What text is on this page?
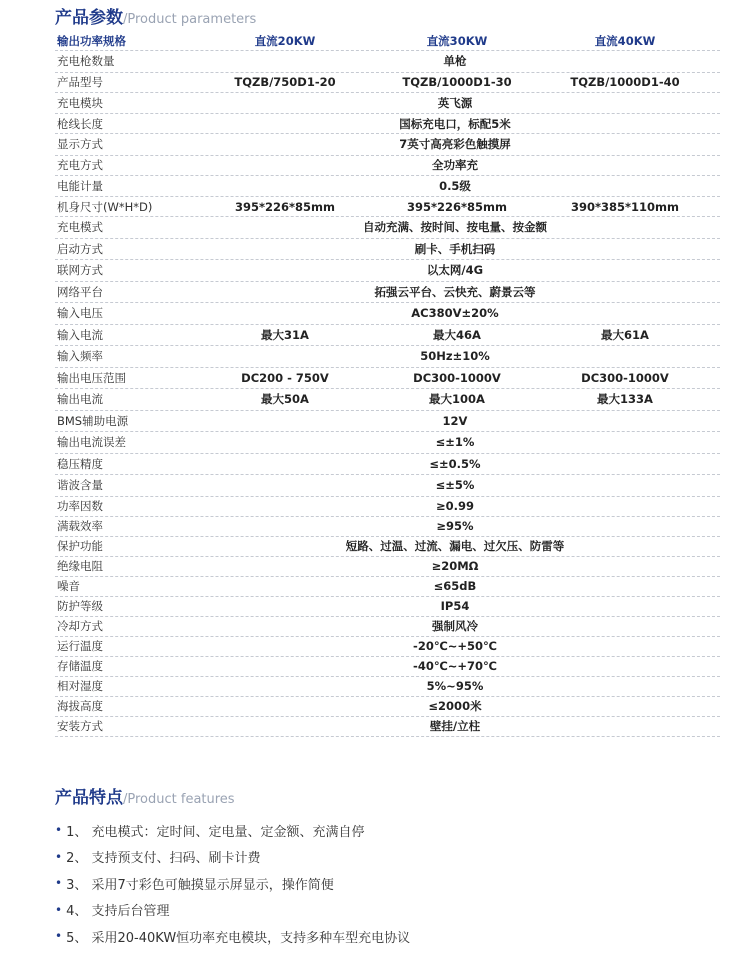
产品参数/Product parameters
输出功率规格	直流20KW	直流30KW	直流40KW
充电枪数量	单枪
产品型号	TQZB/750D1-20	TQZB/1000D1-30	TQZB/1000D1-40
充电模块	英飞源
枪线长度	国标充电口，标配5米
显示方式	7英寸高亮彩色触摸屏
充电方式	全功率充
电能计量	0.5级
机身尺寸(W*H*D)	395*226*85mm	395*226*85mm	390*385*110mm
充电模式	自动充满、按时间、按电量、按金额
启动方式	刷卡、手机扫码
联网方式	以太网/4G
网络平台	拓强云平台、云快充、蔚景云等
输入电压	AC380V±20%
输入电流	最大31A	最大46A	最大61A
输入频率	50Hz±10%
输出电压范围	DC200 - 750V	DC300-1000V	DC300-1000V
输出电流	最大50A	最大100A	最大133A
BMS辅助电源	12V
输出电流误差	≤±1%
稳压精度	≤±0.5%
谐波含量	≤±5%
功率因数	≥0.99
满载效率	≥95%
保护功能	短路、过温、过流、漏电、过欠压、防雷等
绝缘电阻	≥20MΩ
噪音	≤65dB
防护等级	IP54
冷却方式	强制风冷
运行温度	-20℃~+50℃
存储温度	-40℃~+70℃
相对湿度	5%~95%
海拔高度	≤2000米
安装方式	壁挂/立柱
产品特点/Product features
• 1、 充电模式：定时间、定电量、定金额、充满自停
• 2、 支持预支付、扫码、刷卡计费
• 3、 采用7寸彩色可触摸显示屏显示，操作简便
• 4、 支持后台管理
• 5、 采用20-40KW恒功率充电模块，支持多种车型充电协议
